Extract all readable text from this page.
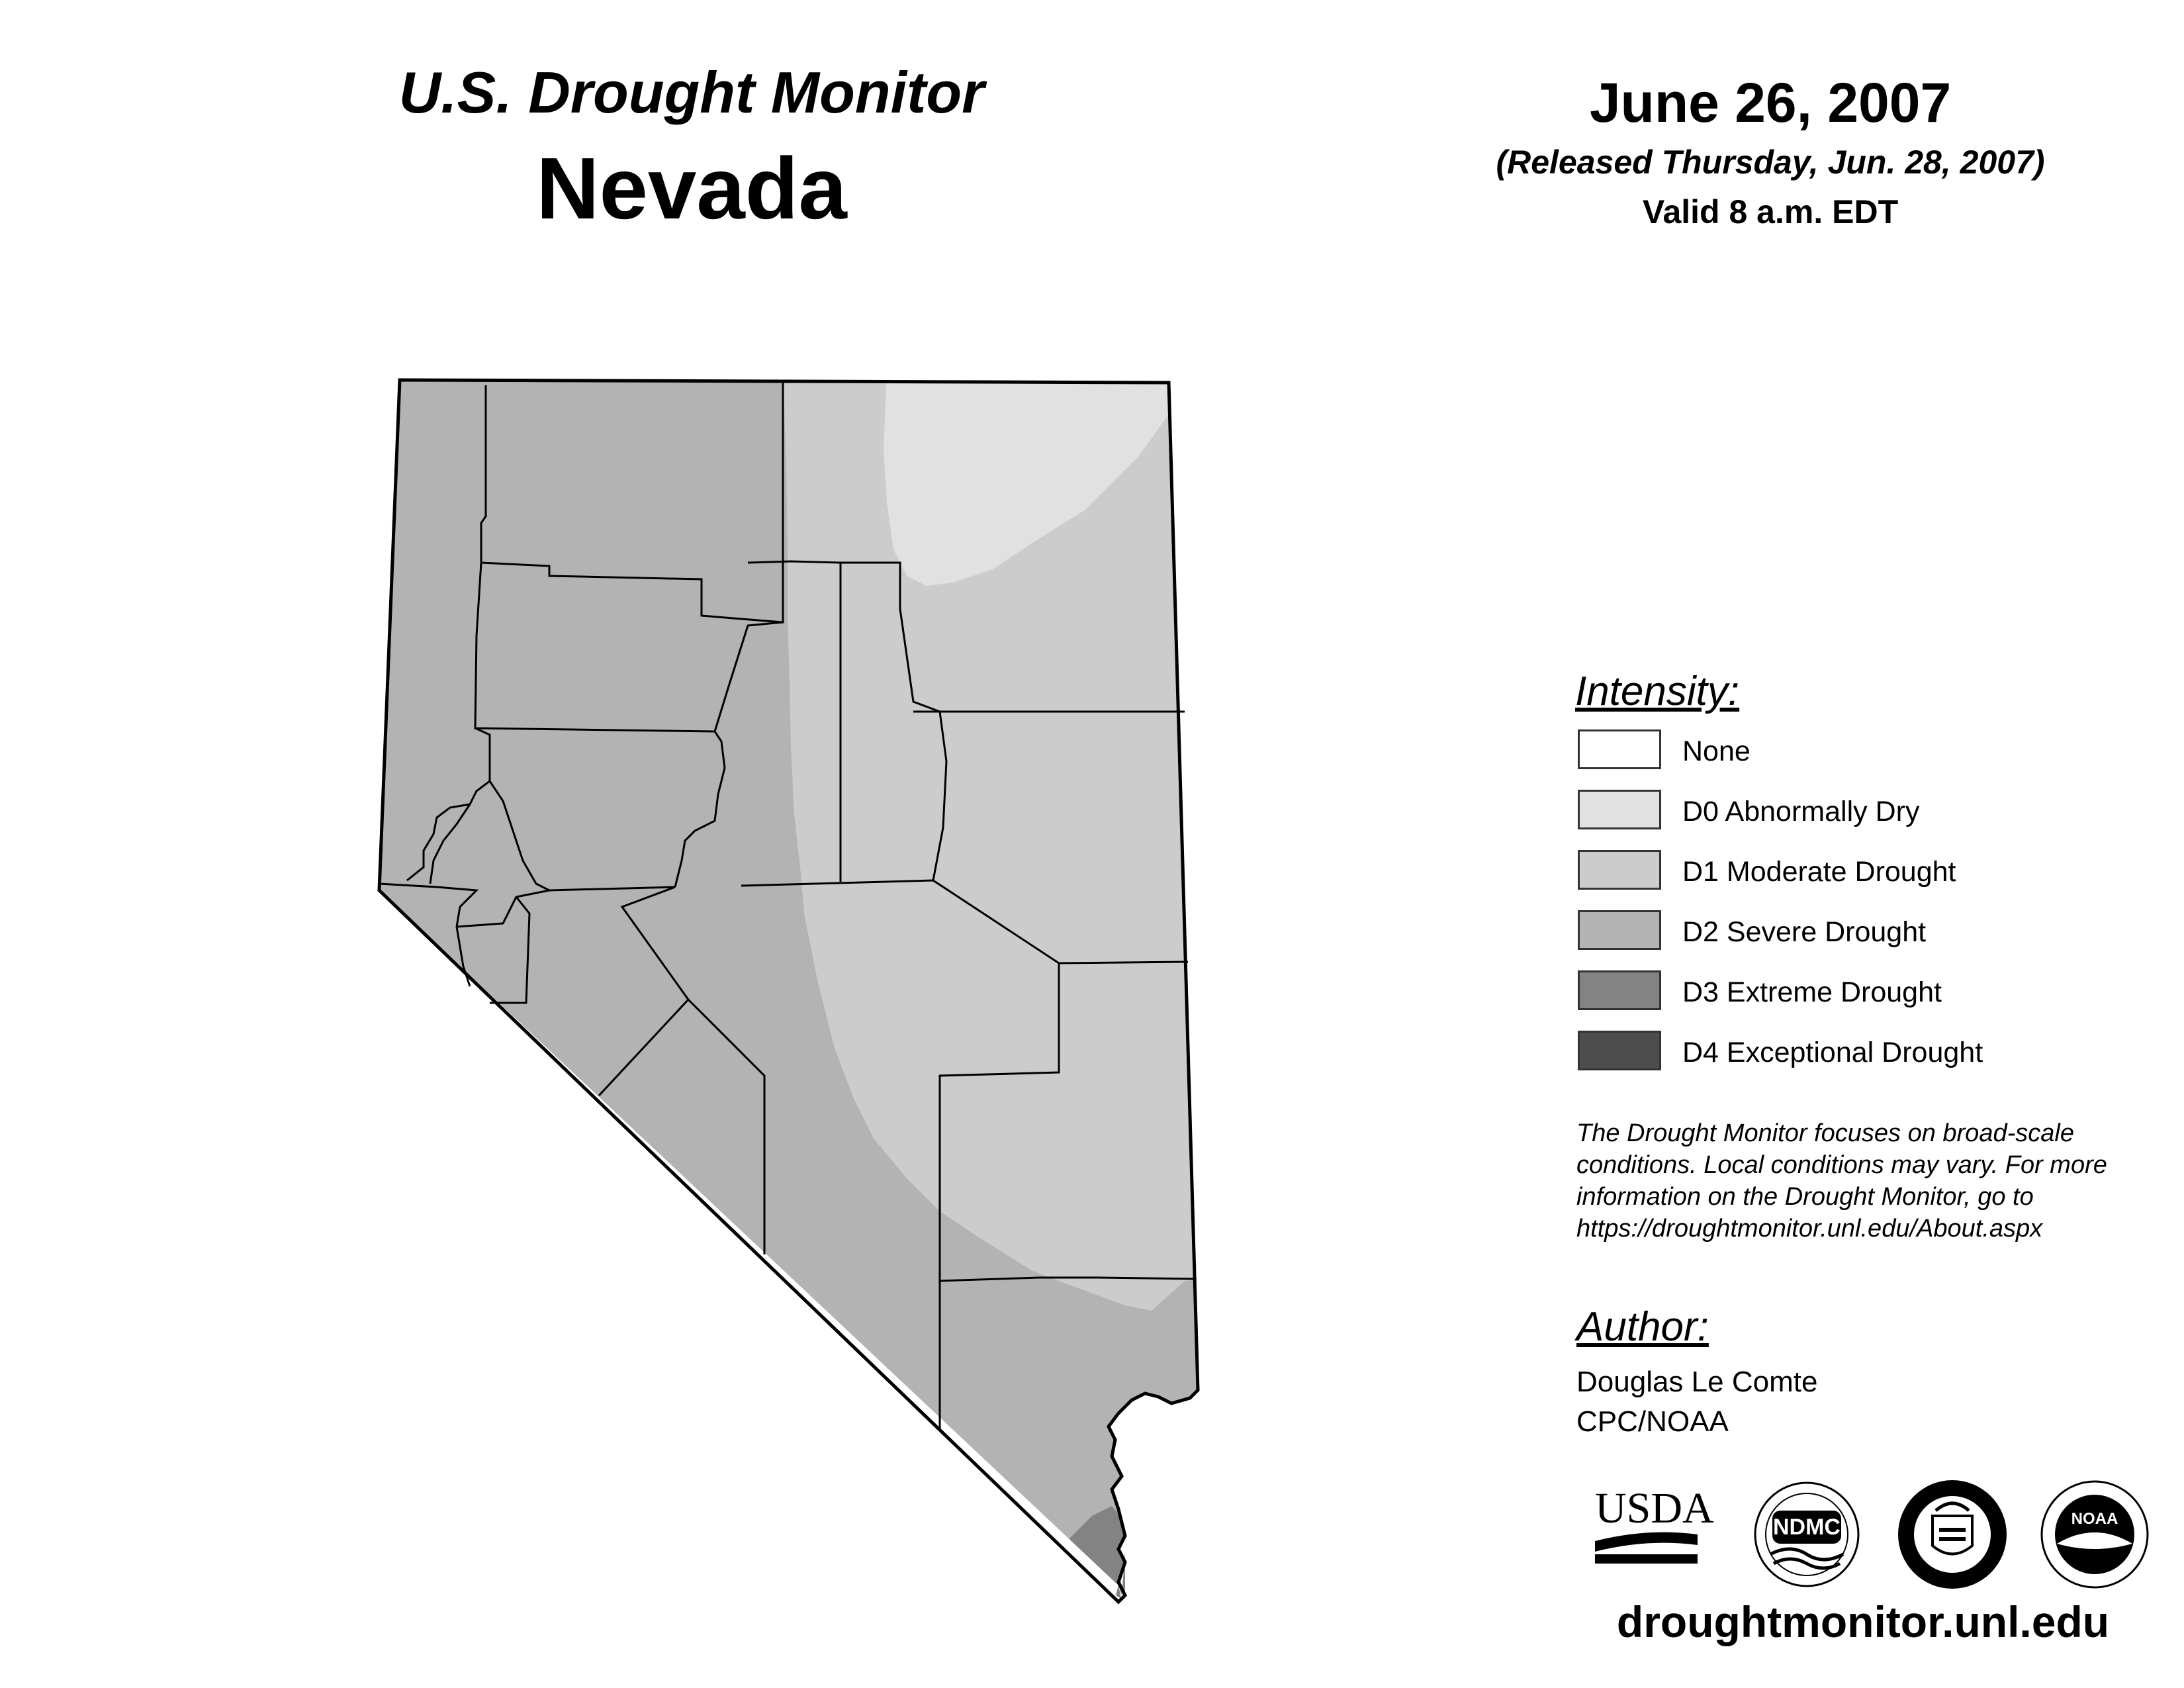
U.S. Drought Monitor
Nevada
June 26, 2007
(Released Thursday, Jun. 28, 2007)
Valid 8 a.m. EDT
Intensity:
None
D0 Abnormally Dry
D1 Moderate Drought
D2 Severe Drought
D3 Extreme Drought
D4 Exceptional Drought
The Drought Monitor focuses on broad-scale
conditions. Local conditions may vary. For more
information on the Drought Monitor, go to
https://droughtmonitor.unl.edu/About.aspx
Author:
Douglas Le Comte
CPC/NOAA
USDA	NDMC	NOAA
droughtmonitor.unl.edu
